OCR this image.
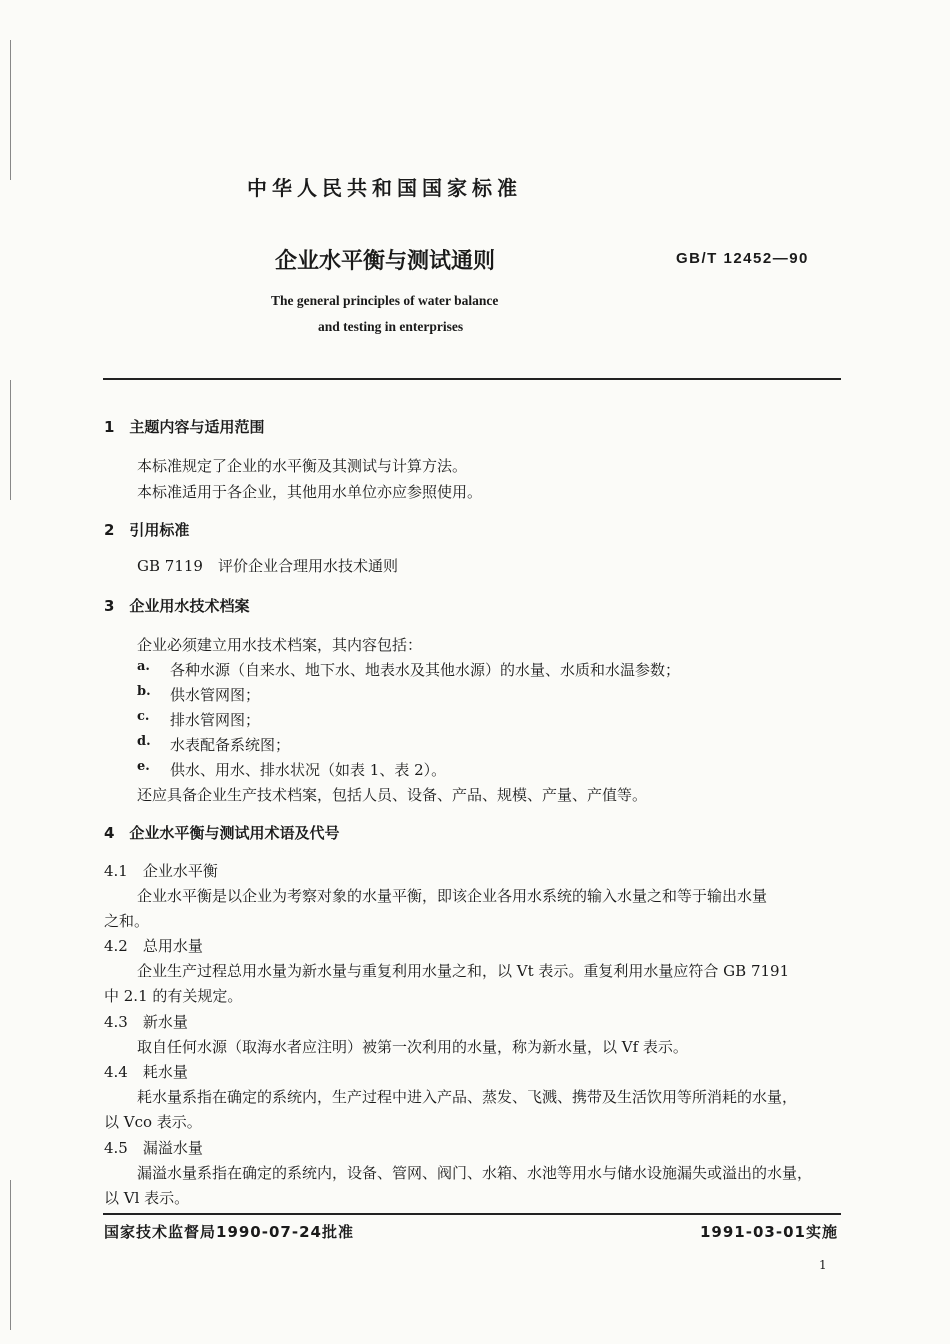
中华人民共和国国家标准
企业水平衡与测试通则	GB/T 12452—90
The general principles of water balance
and testing in enterprises
1　主题内容与适用范围
本标准规定了企业的水平衡及其测试与计算方法。
本标准适用于各企业，其他用水单位亦应参照使用。
2　引用标准
GB 7119　评价企业合理用水技术通则
3　企业用水技术档案
企业必须建立用水技术档案，其内容包括：
a. 各种水源（自来水、地下水、地表水及其他水源）的水量、水质和水温参数；
b. 供水管网图；
c. 排水管网图；
d. 水表配备系统图；
e. 供水、用水、排水状况（如表 1、表 2）。
还应具备企业生产技术档案，包括人员、设备、产品、规模、产量、产值等。
4　企业水平衡与测试用术语及代号
4.1　企业水平衡
企业水平衡是以企业为考察对象的水量平衡，即该企业各用水系统的输入水量之和等于输出水量
之和。
4.2　总用水量
企业生产过程总用水量为新水量与重复利用水量之和，以 Vt 表示。重复利用水量应符合 GB 7191
中 2.1 的有关规定。
4.3　新水量
取自任何水源（取海水者应注明）被第一次利用的水量，称为新水量，以 Vf 表示。
4.4　耗水量
耗水量系指在确定的系统内，生产过程中进入产品、蒸发、飞溅、携带及生活饮用等所消耗的水量，
以 Vco 表示。
4.5　漏溢水量
漏溢水量系指在确定的系统内，设备、管网、阀门、水箱、水池等用水与储水设施漏失或溢出的水量，
以 Vl 表示。
国家技术监督局1990-07-24批准	1991-03-01实施
1
